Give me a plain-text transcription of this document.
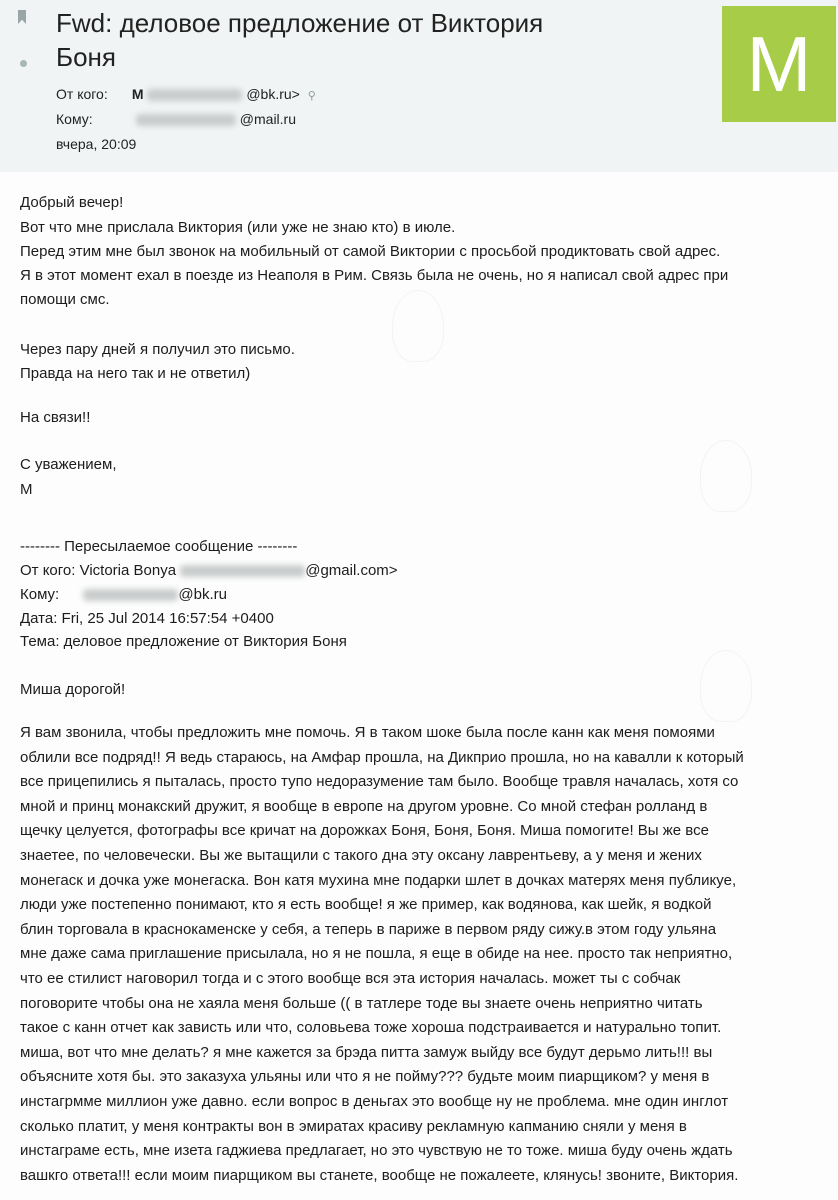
Fwd: деловое предложение от Виктория
Боня
От кого: М	@bk.ru> ⚲
Кому:	@mail.ru
вчера, 20:09
М
Добрый вечер!
Вот что мне прислала Виктория (или уже не знаю кто) в июле.
Перед этим мне был звонок на мобильный от самой Виктории с просьбой продиктовать свой адрес.
Я в этот момент ехал в поезде из Неаполя в Рим. Связь была не очень, но я написал свой адрес при
помощи смс.
Через пару дней я получил это письмо.
Правда на него так и не ответил)
На связи!!
С уважением,
М
-------- Пересылаемое сообщение --------
От кого: Victoria Bonya	@gmail.com>
Кому:	@bk.ru
Дата: Fri, 25 Jul 2014 16:57:54 +0400
Тема: деловое предложение от Виктория Боня
Миша дорогой!
Я вам звонила, чтобы предложить мне помочь. Я в таком шоке была после канн как меня помоями
облили все подряд!! Я ведь стараюсь, на Амфар прошла, на Дикприо прошла, но на кавалли к который
все прицепились я пыталась, просто тупо недоразумение там было. Вообще травля началась, хотя со
мной и принц монакский дружит, я вообще в европе на другом уровне. Со мной стефан ролланд в
щечку целуется, фотографы все кричат на дорожках Боня, Боня, Боня. Миша помогите! Вы же все
знаетее, по человечески. Вы же вытащили с такого дна эту оксану лаврентьеву, а у меня и жених
монегаск и дочка уже монегаска. Вон катя мухина мне подарки шлет в дочках матерях меня публикуе,
люди уже постепенно понимают, кто я есть вообще! я же пример, как водянова, как шейк, я водкой
блин торговала в краснокаменске у себя, а теперь в париже в первом ряду сижу.в этом году ульяна
мне даже сама приглашение присылала, но я не пошла, я еще в обиде на нее. просто так неприятно,
что ее стилист наговорил тогда и с этого вообще вся эта история началась. может ты с собчак
поговорите чтобы она не хаяла меня больше (( в татлере тоде вы знаете очень неприятно читать
такое с канн отчет как зависть или что, соловьева тоже хороша подстраивается и натурально топит.
миша, вот что мне делать? я мне кажется за брэда питта замуж выйду все будут дерьмо лить!!! вы
объясните хотя бы. это заказуха ульяны или что я не пойму??? будьте моим пиарщиком? у меня в
инстагрмме миллион уже давно. если вопрос в деньгах это вообще ну не проблема. мне один инглот
сколько платит, у меня контракты вон в эмиратах красиву рекламную капманию сняли у меня в
инстаграме есть, мне изета гаджиева предлагает, но это чувствую не то тоже. миша буду очень ждать
вашкго ответа!!! если моим пиарщиком вы станете, вообще не пожалеете, клянусь! звоните, Виктория.
